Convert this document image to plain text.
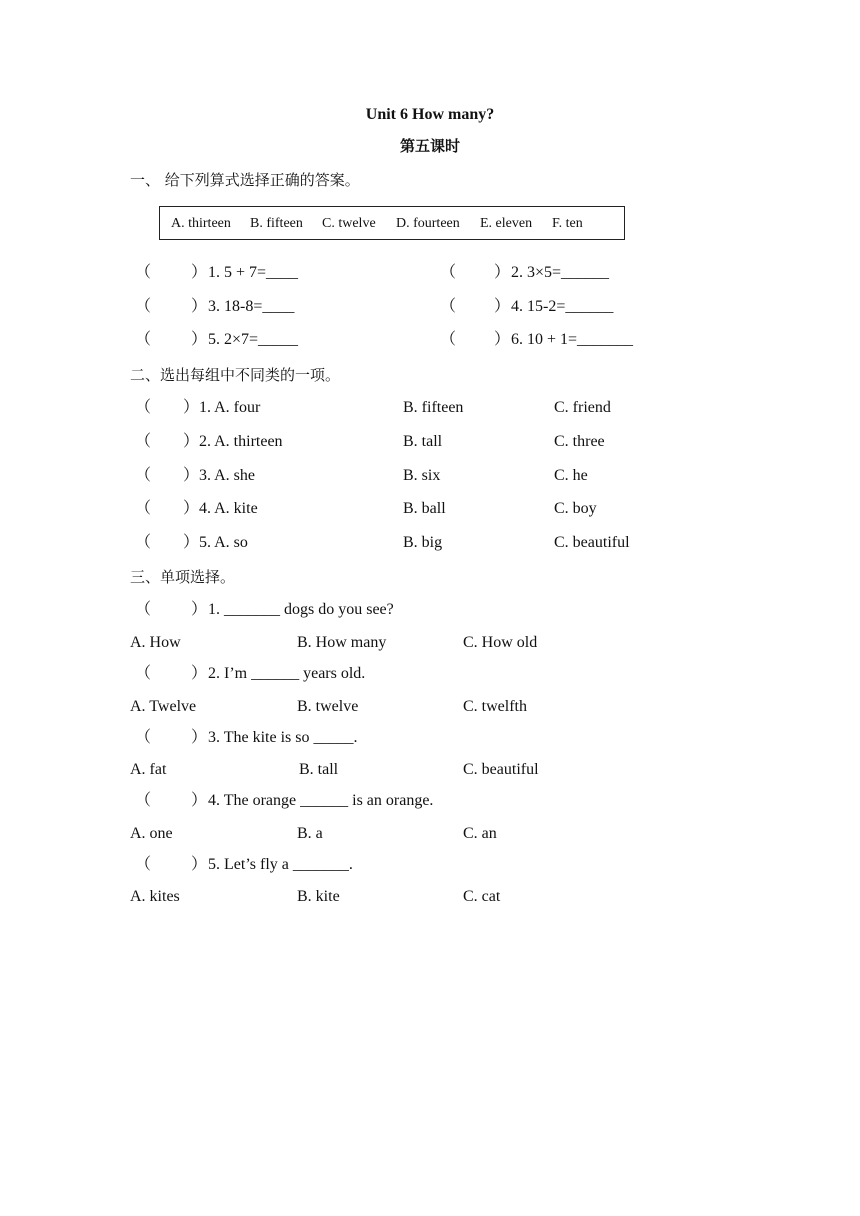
Unit 6 How many?
第五课时
一、 给下列算式选择正确的答案。
A. thirteen B. fifteen C. twelve D. fourteen E. eleven F. ten
（ ） 1. 5 + 7=____	（ ） 2. 3×5=______
（ ） 3. 18-8=____	（ ） 4. 15-2=______
（ ） 5. 2×7=_____	（ ） 6. 10 + 1=_______
二、选出每组中不同类的一项。
（ ） 1. A. four	B. fifteen	C. friend
（ ） 2. A. thirteen	B. tall	C. three
（ ） 3. A. she	B. six	C. he
（ ） 4. A. kite	B. ball	C. boy
（ ） 5. A. so	B. big	C. beautiful
三、单项选择。
（ ） 1. _______ dogs do you see?
A. How	B. How many	C. How old
（ ） 2. I’m ______ years old.
A. Twelve	B. twelve	C. twelfth
（ ） 3. The kite is so _____.
A. fat	B. tall	C. beautiful
（ ） 4. The orange ______ is an orange.
A. one	B. a	C. an
（ ） 5. Let’s fly a _______.
A. kites	B. kite	C. cat
